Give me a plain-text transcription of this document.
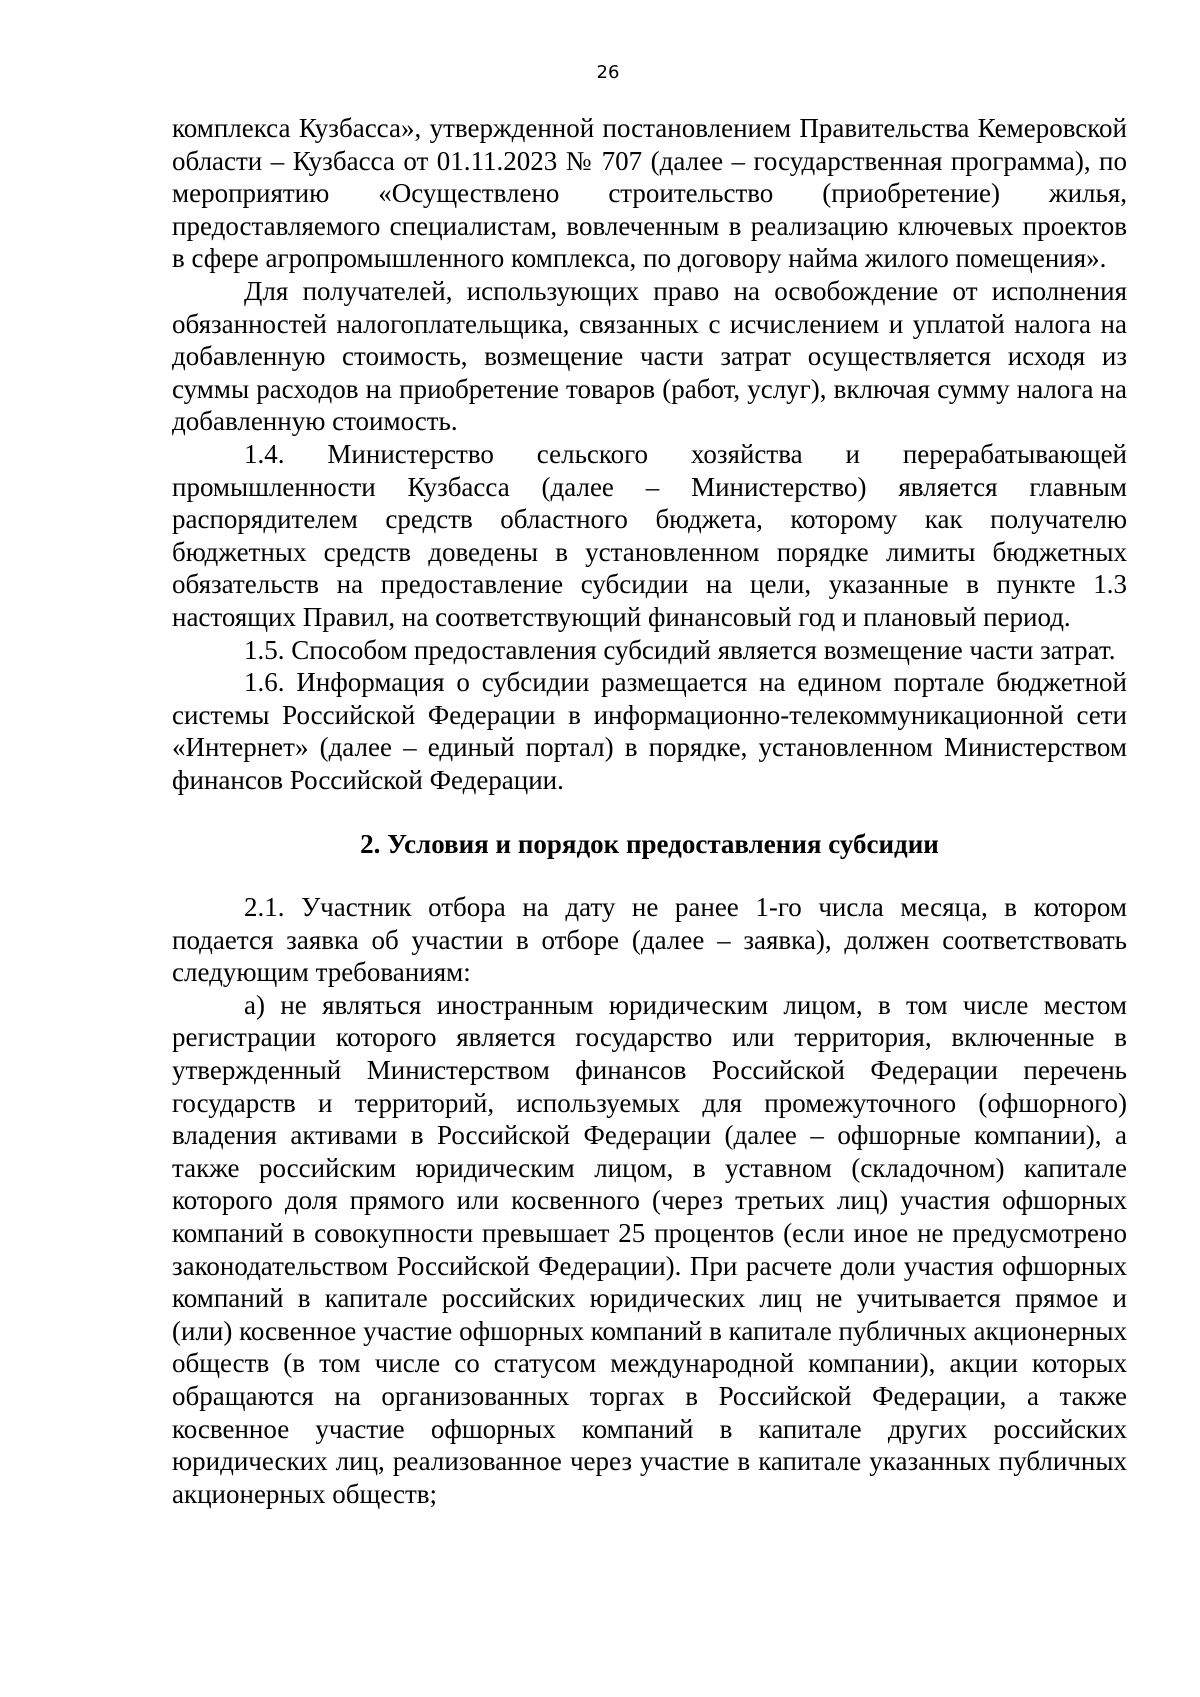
26

комплекса Кузбасса», утвержденной постановлением Правительства Кемеровской области – Кузбасса от 01.11.2023 № 707 (далее – государственная программа), по мероприятию «Осуществлено строительство (приобретение) жилья, предоставляемого специалистам, вовлеченным в реализацию ключевых проектов в сфере агропромышленного комплекса, по договору найма жилого помещения».

Для получателей, использующих право на освобождение от исполнения обязанностей налогоплательщика, связанных с исчислением и уплатой налога на добавленную стоимость, возмещение части затрат осуществляется исходя из суммы расходов на приобретение товаров (работ, услуг), включая сумму налога на добавленную стоимость.

1.4. Министерство сельского хозяйства и перерабатывающей промышленности Кузбасса (далее – Министерство) является главным распорядителем средств областного бюджета, которому как получателю бюджетных средств доведены в установленном порядке лимиты бюджетных обязательств на предоставление субсидии на цели, указанные в пункте 1.3 настоящих Правил, на соответствующий финансовый год и плановый период.

1.5. Способом предоставления субсидий является возмещение части затрат.

1.6. Информация о субсидии размещается на едином портале бюджетной системы Российской Федерации в информационно-телекоммуникационной сети «Интернет» (далее – единый портал) в порядке, установленном Министерством финансов Российской Федерации.

2. Условия и порядок предоставления субсидии

2.1. Участник отбора на дату не ранее 1-го числа месяца, в котором подается заявка об участии в отборе (далее – заявка), должен соответствовать следующим требованиям:

а) не являться иностранным юридическим лицом, в том числе местом регистрации которого является государство или территория, включенные в утвержденный Министерством финансов Российской Федерации перечень государств и территорий, используемых для промежуточного (офшорного) владения активами в Российской Федерации (далее – офшорные компании), а также российским юридическим лицом, в уставном (складочном) капитале которого доля прямого или косвенного (через третьих лиц) участия офшорных компаний в совокупности превышает 25 процентов (если иное не предусмотрено законодательством Российской Федерации). При расчете доли участия офшорных компаний в капитале российских юридических лиц не учитывается прямое и (или) косвенное участие офшорных компаний в капитале публичных акционерных обществ (в том числе со статусом международной компании), акции которых обращаются на организованных торгах в Российской Федерации, а также косвенное участие офшорных компаний в капитале других российских юридических лиц, реализованное через участие в капитале указанных публичных акционерных обществ;
